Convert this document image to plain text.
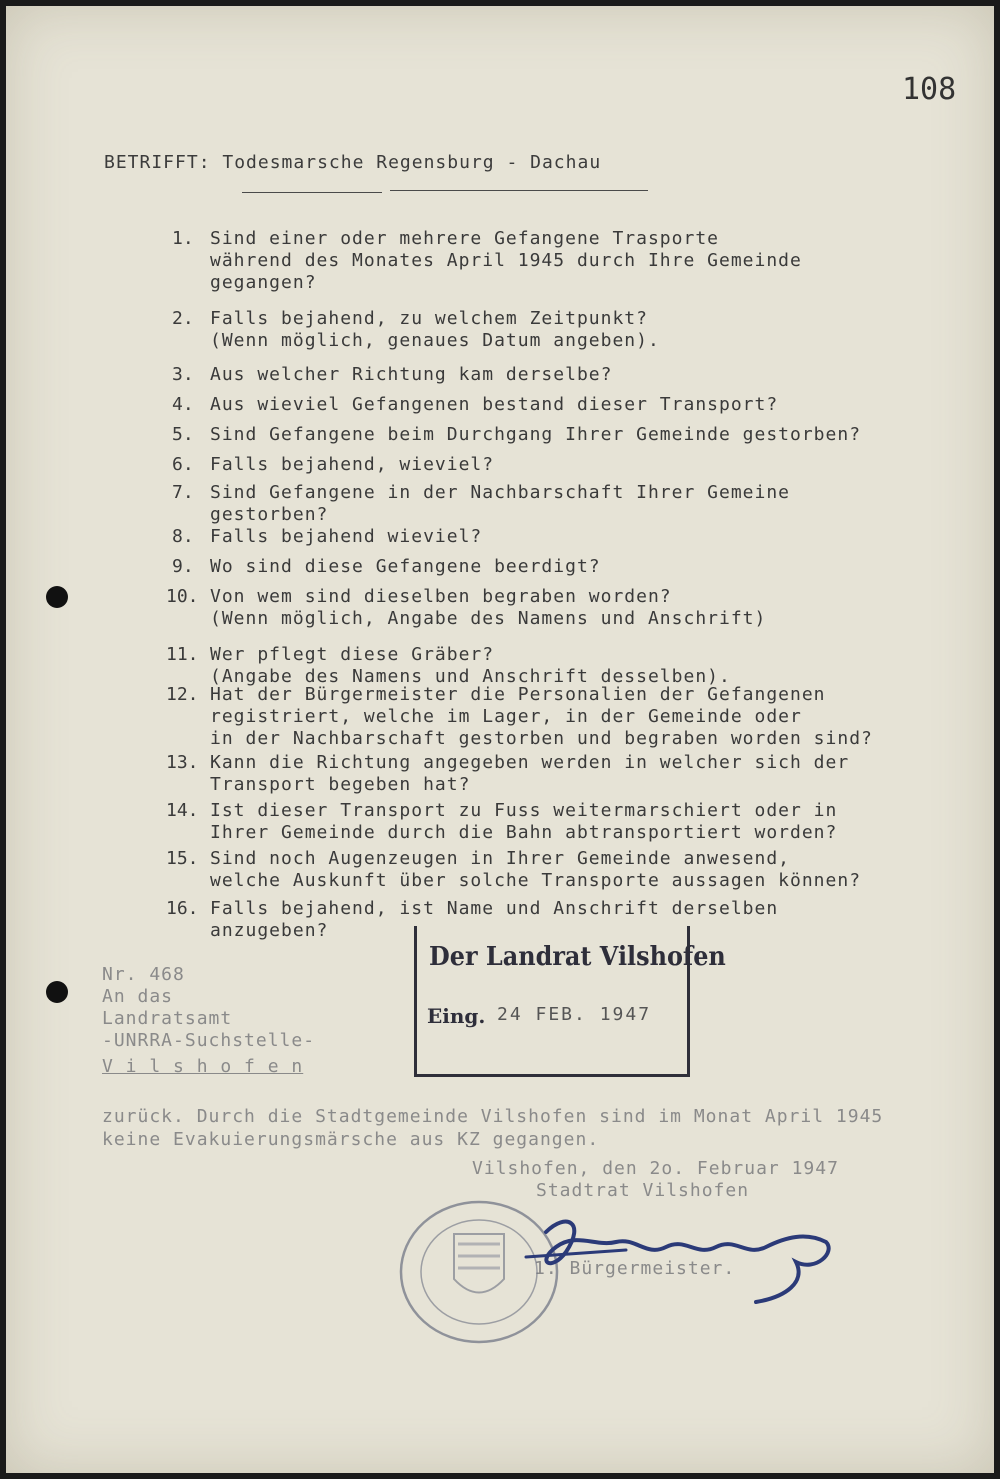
108
BETRIFFT: Todesmarsche Regensburg - Dachau
1. Sind einer oder mehrere Gefangene Trasporte
während des Monates April 1945 durch Ihre Gemeinde
gegangen?
2. Falls bejahend, zu welchem Zeitpunkt?
(Wenn möglich, genaues Datum angeben).
3. Aus welcher Richtung kam derselbe?
4. Aus wieviel Gefangenen bestand dieser Transport?
5. Sind Gefangene beim Durchgang Ihrer Gemeinde gestorben?
6. Falls bejahend, wieviel?
7. Sind Gefangene in der Nachbarschaft Ihrer Gemeine
gestorben?
8. Falls bejahend wieviel?
9. Wo sind diese Gefangene beerdigt?
10. Von wem sind dieselben begraben worden?
(Wenn möglich, Angabe des Namens und Anschrift)
11. Wer pflegt diese Gräber?
(Angabe des Namens und Anschrift desselben).
12. Hat der Bürgermeister die Personalien der Gefangenen
registriert, welche im Lager, in der Gemeinde oder
in der Nachbarschaft gestorben und begraben worden sind?
13. Kann die Richtung angegeben werden in welcher sich der
Transport begeben hat?
14. Ist dieser Transport zu Fuss weitermarschiert oder in
Ihrer Gemeinde durch die Bahn abtransportiert worden?
15. Sind noch Augenzeugen in Ihrer Gemeinde anwesend,
welche Auskunft über solche Transporte aussagen können?
16. Falls bejahend, ist Name und Anschrift derselben
anzugeben?
Nr. 468
An das
Landratsamt
-UNRRA-Suchstelle-
V i l s h o f e n
Der Landrat Vilshofen
Eing. 24 FEB. 1947
zurück. Durch die Stadtgemeinde Vilshofen sind im Monat April 1945
keine Evakuierungsmärsche aus KZ gegangen.
Vilshofen, den 2o. Februar 1947
Stadtrat Vilshofen
1. Bürgermeister.
